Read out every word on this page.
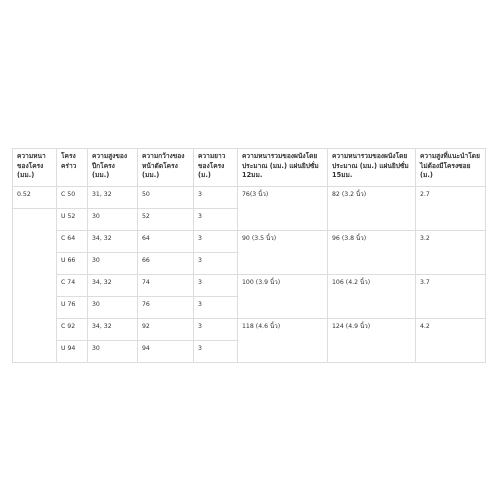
ความหนาของโครง (มม.)	โครงคร่าว	ความสูงของปีกโครง (มม.)	ความกว้างของหน้าตัดโครง (มม.)	ความยาวของโครง (ม.)	ความหนารวมของผนังโดยประมาณ (มม.) แผ่นยิปซั่ม 12มม.	ความหนารวมของผนังโดยประมาณ (มม.) แผ่นยิปซั่ม 15มม.	ความสูงที่แนะนำโดยไม่ต้องมีโครงซอย (ม.)
0.52	C 50	31, 32	50	3	76(3 นิ้ว)	82 (3.2 นิ้ว)	2.7
	U 52	30	52	3			
	C 64	34, 32	64	3	90 (3.5 นิ้ว)	96 (3.8 นิ้ว)	3.2
	U 66	30	66	3			
	C 74	34, 32	74	3	100 (3.9 นิ้ว)	106 (4.2 นิ้ว)	3.7
	U 76	30	76	3			
	C 92	34, 32	92	3	118 (4.6 นิ้ว)	124 (4.9 นิ้ว)	4.2
	U 94	30	94	3			
